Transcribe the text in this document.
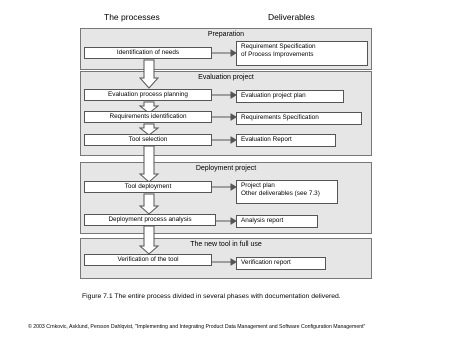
The processes	Deliverables
Preparation
Evaluation project
Deployment project
The new tool in full use
Identification of needs
Requirement Specification
of Process Improvements
Evaluation process planning
Requirements identification
Tool selection
Evaluation project plan
Requirements Specification
Evaluation Report
Tool deployment
Deployment process analysis
Project plan
Other deliverables (see 7.3)
Analysis report
Verification of the tool	Verification report
Figure 7.1 The entire process divided in several phases with documentation delivered.
© 2003 Crnkovic, Asklund, Persson Dahlqvist, "Implementing and Integrating Product Data Management and Software Configuration Management"
